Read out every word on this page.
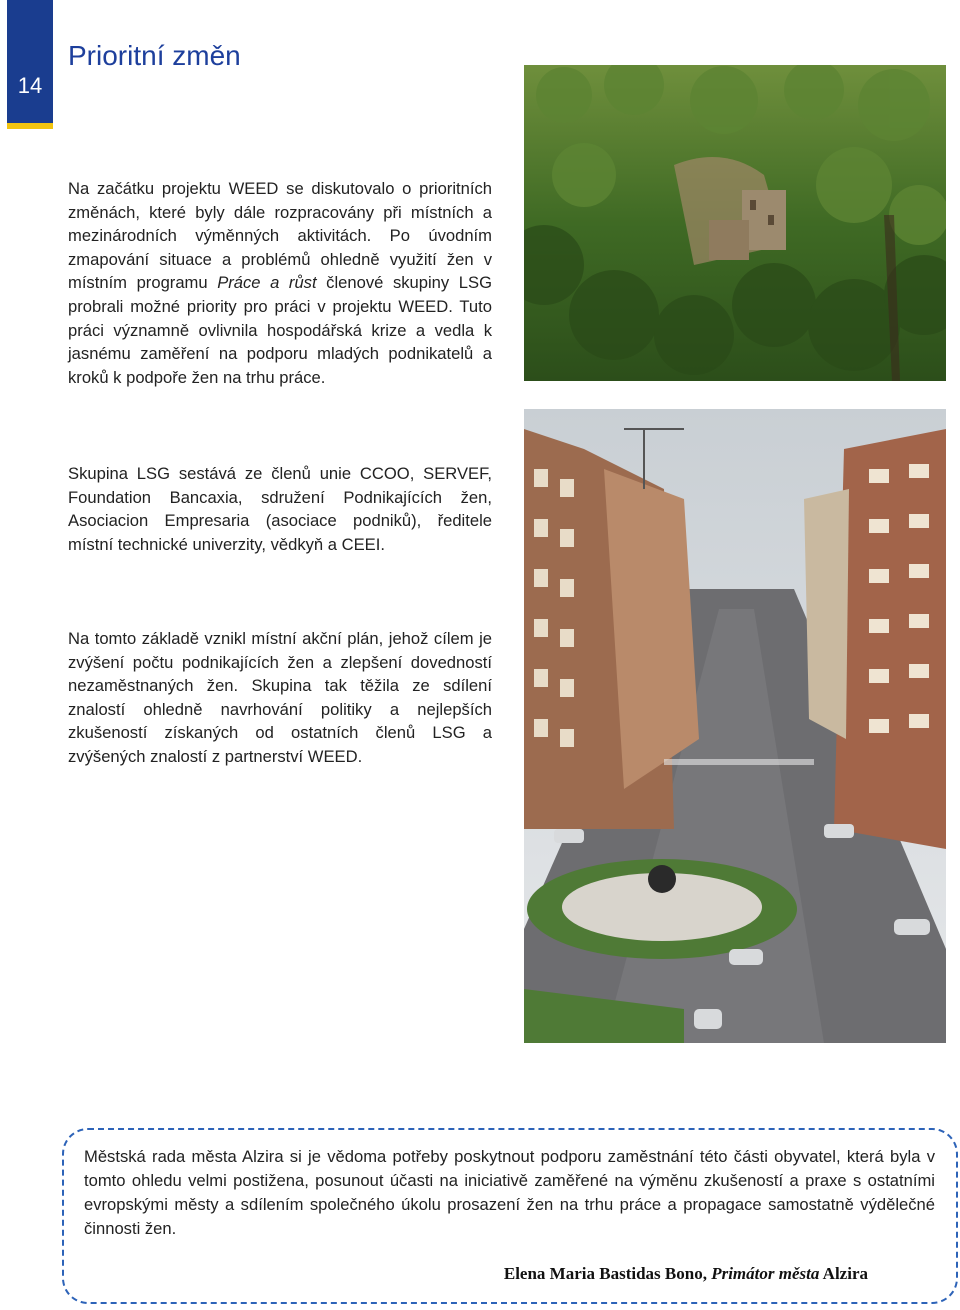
14
Prioritní změn

Na začátku projektu WEED se diskutovalo o prioritních změnách, které byly dále rozpracovány při místních a mezinárodních výměnných aktivitách. Po úvodním zmapování situace a problémů ohledně využití žen v místním programu Práce a růst členové skupiny LSG probrali možné priority pro práci v projektu WEED. Tuto práci významně ovlivnila hospodářská krize a vedla k jasnému zaměření na podporu mladých podnikatelů a kroků k podpoře žen na trhu práce.

Skupina LSG sestává ze členů unie CCOO, SERVEF, Foundation Bancaxia, sdružení Podnikajících žen, Asociacion Empresaria (asociace podniků), ředitele místní technické univerzity, vědkyň a CEEI.

Na tomto základě vznikl místní akční plán, jehož cílem je zvýšení počtu podnikajících žen a zlepšení dovedností nezaměstnaných žen. Skupina tak těžila ze sdílení znalostí ohledně navrhování politiky a nejlepších zkušeností získaných od ostatních členů LSG a zvýšených znalostí z partnerství WEED.

Městská rada města Alzira si je vědoma potřeby poskytnout podporu zaměstnání této části obyvatel, která byla v tomto ohledu velmi postižena, posunout účasti na iniciativě zaměřené na výměnu zkušeností a praxe s ostatními evropskými městy a sdílením společného úkolu prosazení žen na trhu práce a propagace samostatně výdělečné činnosti žen.

Elena Maria Bastidas Bono, Primátor města Alzira
